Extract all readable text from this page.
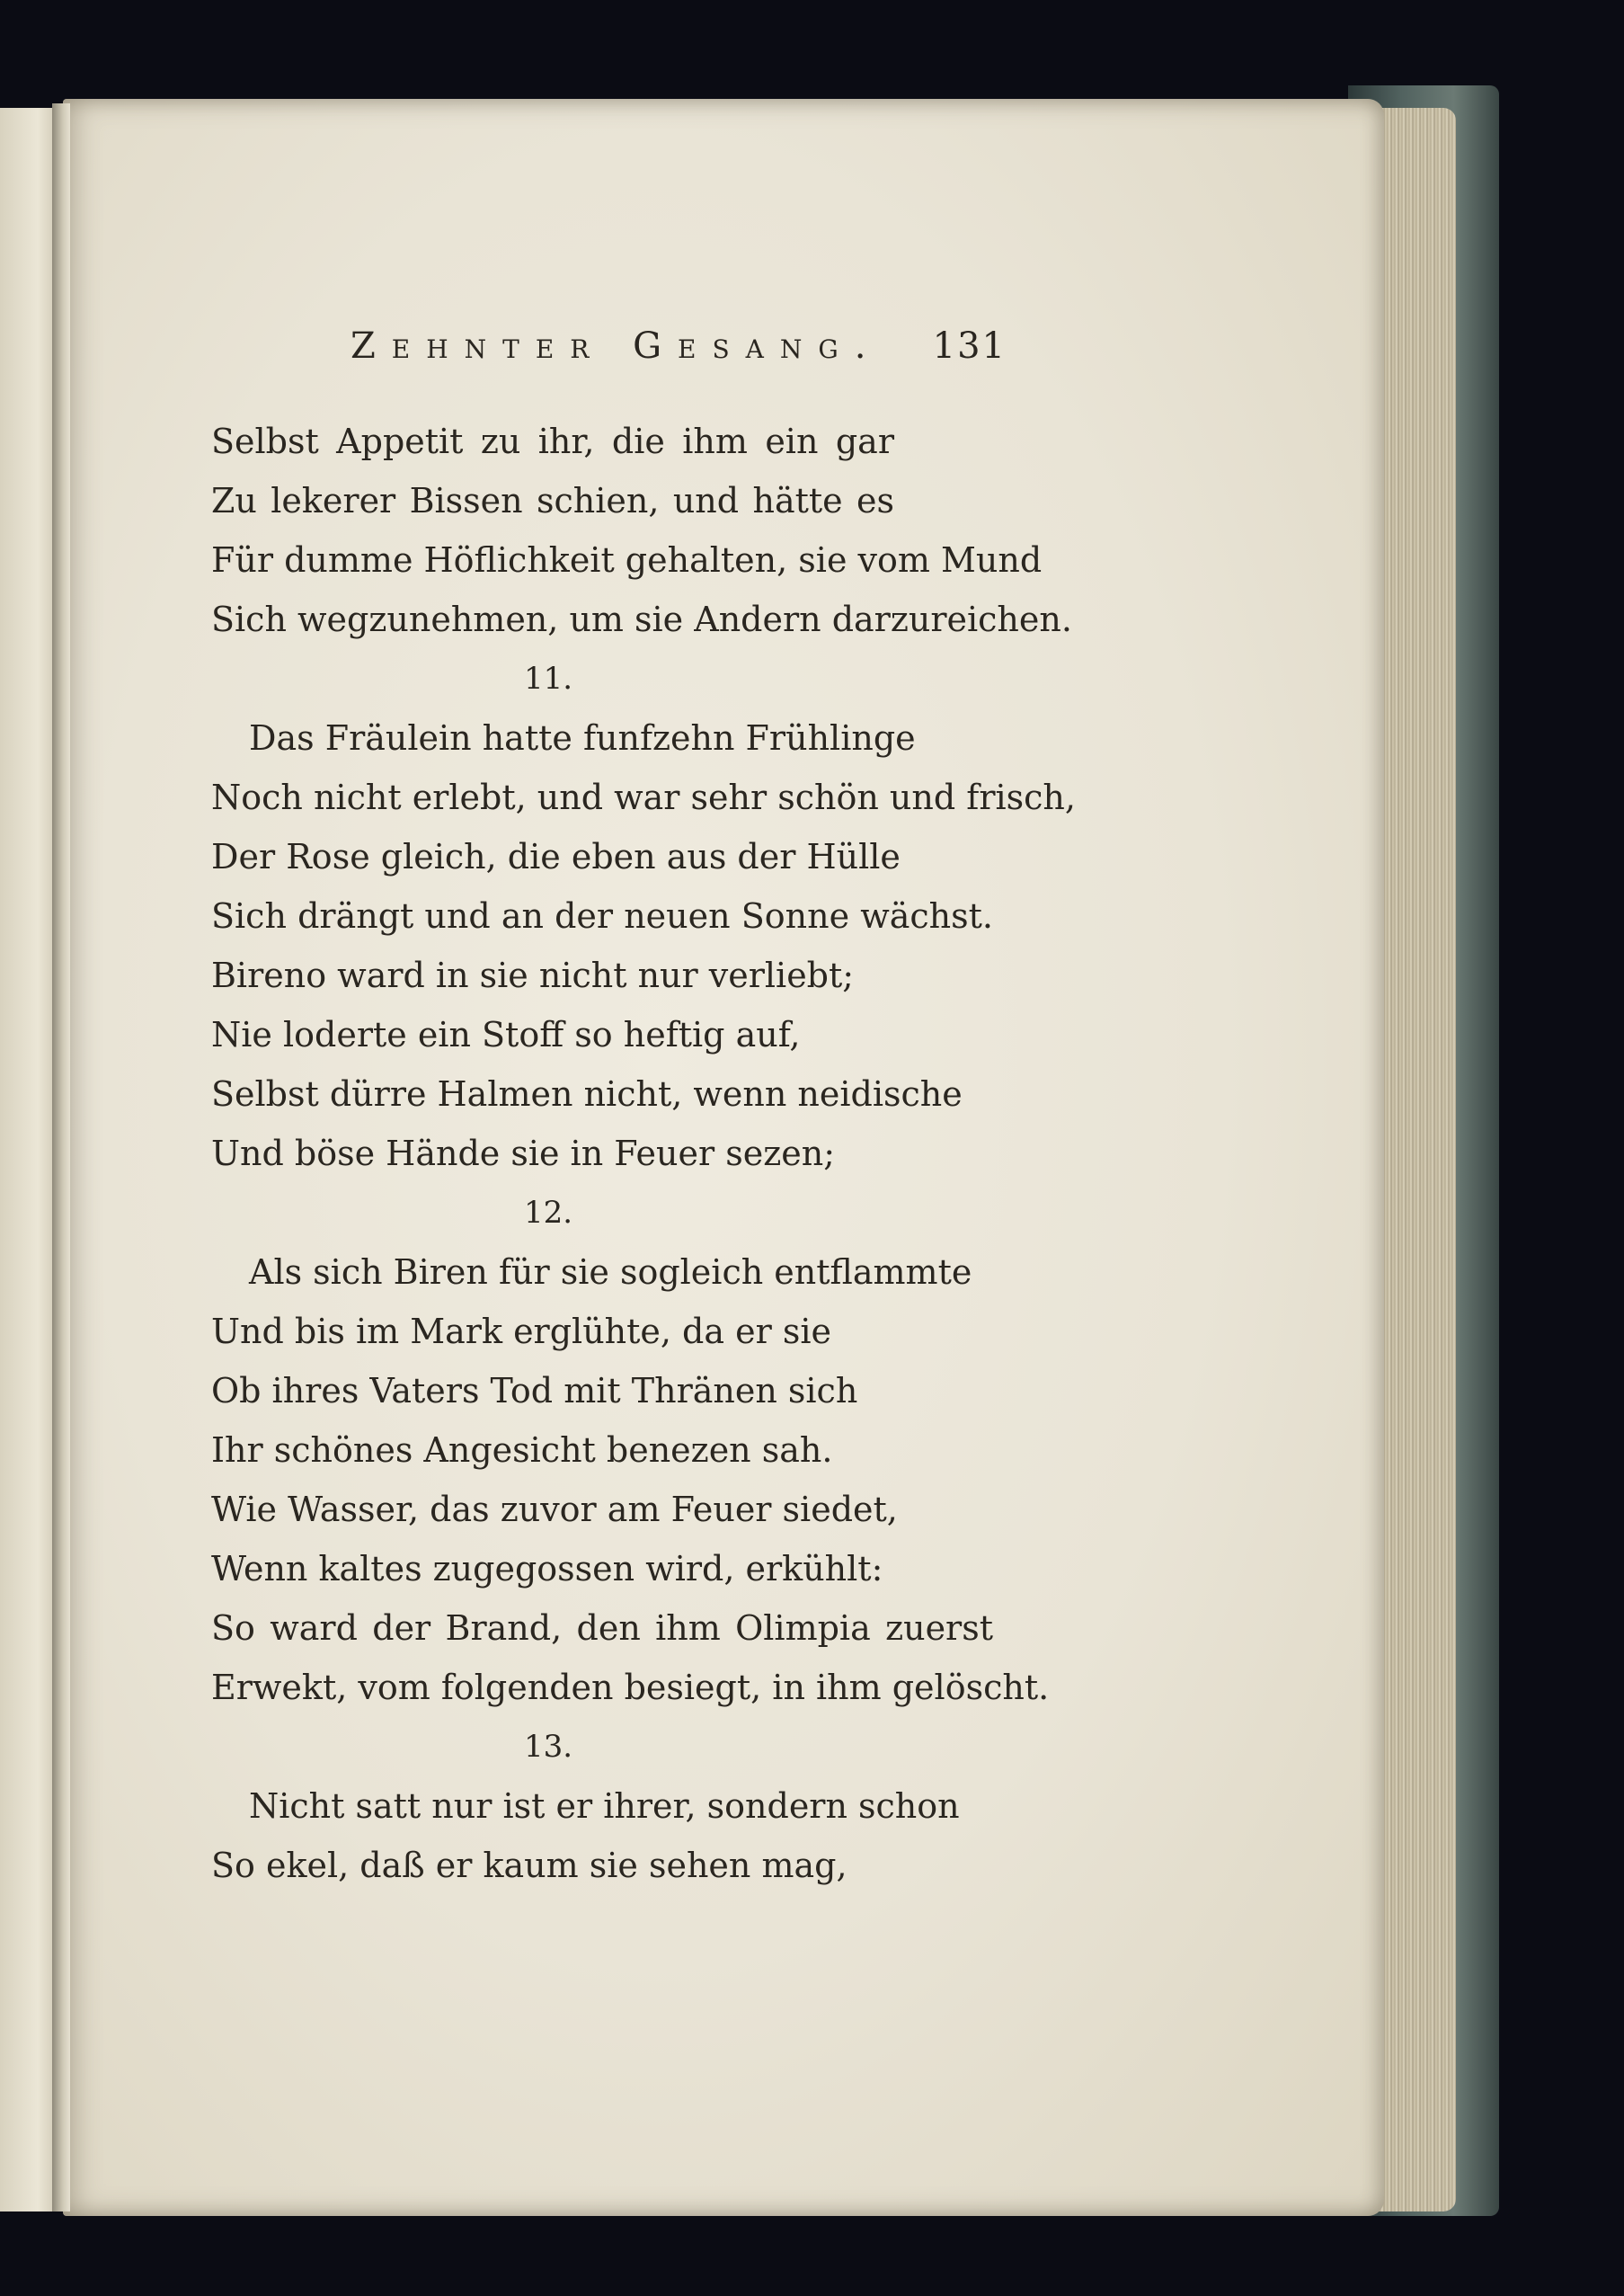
Zehnter Gesang. 131
Selbst Appetit zu ihr, die ihm ein gar
Zu lekerer Bissen schien, und hätte es
Für dumme Höflichkeit gehalten, sie vom Mund
Sich wegzunehmen, um sie Andern darzureichen.
11.
Das Fräulein hatte funfzehn Frühlinge
Noch nicht erlebt, und war sehr schön und frisch,
Der Rose gleich, die eben aus der Hülle
Sich drängt und an der neuen Sonne wächst.
Bireno ward in sie nicht nur verliebt;
Nie loderte ein Stoff so heftig auf,
Selbst dürre Halmen nicht, wenn neidische
Und böse Hände sie in Feuer sezen;
12.
Als sich Biren für sie sogleich entflammte
Und bis im Mark erglühte, da er sie
Ob ihres Vaters Tod mit Thränen sich
Ihr schönes Angesicht benezen sah.
Wie Wasser, das zuvor am Feuer siedet,
Wenn kaltes zugegossen wird, erkühlt:
So ward der Brand, den ihm Olimpia zuerst
Erwekt, vom folgenden besiegt, in ihm gelöscht.
13.
Nicht satt nur ist er ihrer, sondern schon
So ekel, daß er kaum sie sehen mag,
